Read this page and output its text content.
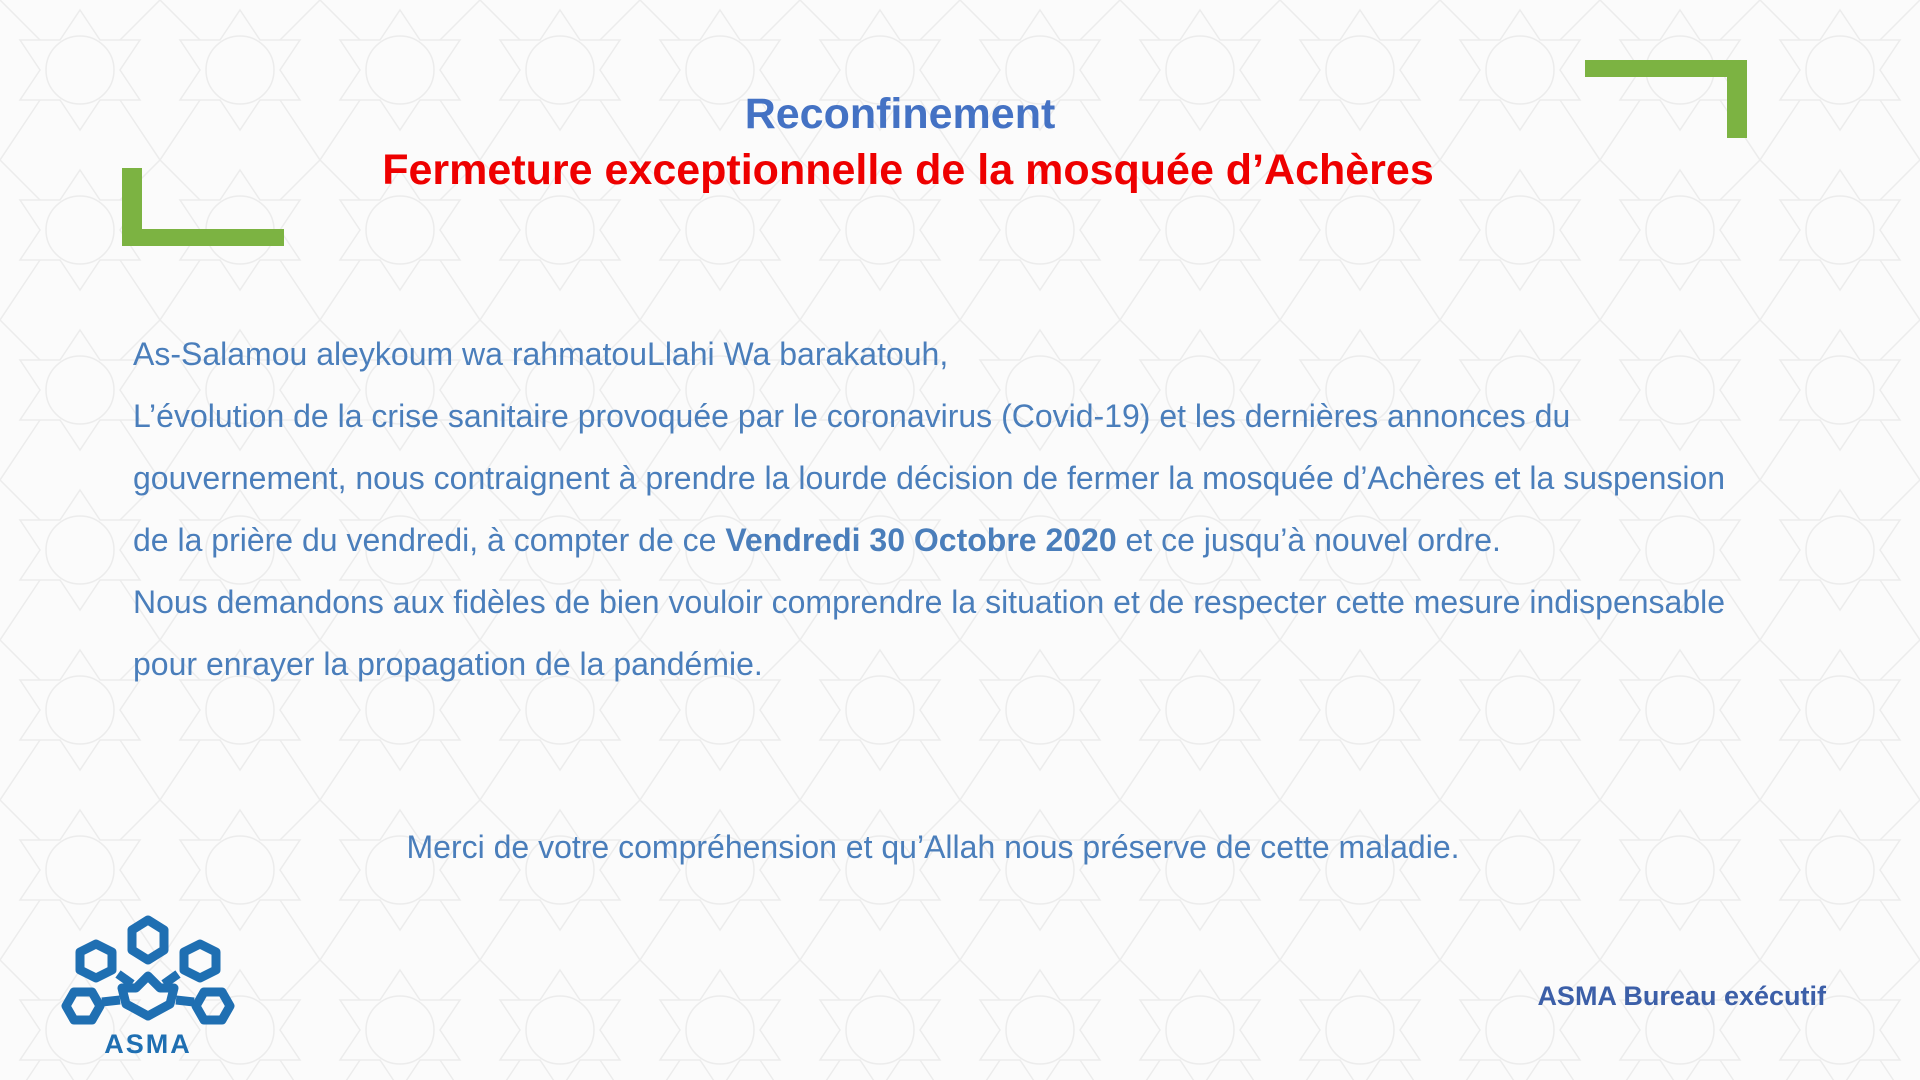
Reconfinement
Fermeture exceptionnelle de la mosquée d’Achères

As-Salamou aleykoum wa rahmatouLlahi Wa barakatouh,

L’évolution de la crise sanitaire provoquée par le coronavirus (Covid-19) et les dernières annonces du gouvernement, nous contraignent à prendre la lourde décision de fermer la mosquée d’Achères et la suspension de la prière du vendredi, à compter de ce Vendredi 30 Octobre 2020 et ce jusqu’à nouvel ordre.

Nous demandons aux fidèles de bien vouloir comprendre la situation et de respecter cette mesure indispensable pour enrayer la propagation de la pandémie.

Merci de votre compréhension et qu’Allah nous préserve de cette maladie.
ASMA
ASMA Bureau exécutif
